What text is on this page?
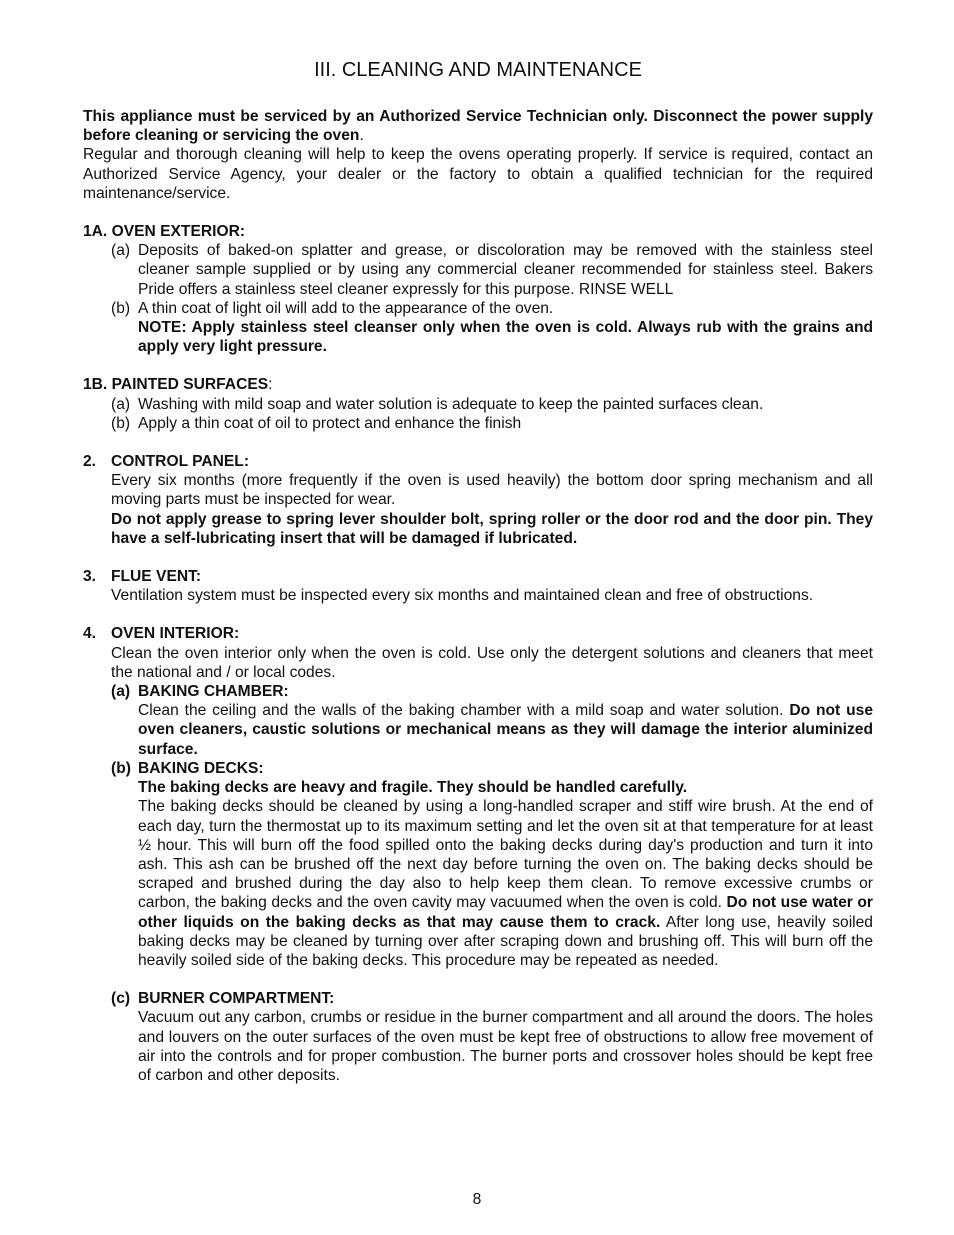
III. CLEANING AND MAINTENANCE

This appliance must be serviced by an Authorized Service Technician only. Disconnect the power supply before cleaning or servicing the oven.

Regular and thorough cleaning will help to keep the ovens operating properly. If service is required, contact an Authorized Service Agency, your dealer or the factory to obtain a qualified technician for the required maintenance/service.

1A. OVEN EXTERIOR:
(a) Deposits of baked-on splatter and grease, or discoloration may be removed with the stainless steel cleaner sample supplied or by using any commercial cleaner recommended for stainless steel. Bakers Pride offers a stainless steel cleaner expressly for this purpose. RINSE WELL
(b) A thin coat of light oil will add to the appearance of the oven.
NOTE: Apply stainless steel cleanser only when the oven is cold. Always rub with the grains and apply very light pressure.
1B. PAINTED SURFACES :
(a) Washing with mild soap and water solution is adequate to keep the painted surfaces clean.
(b) Apply a thin coat of oil to protect and enhance the finish
2. CONTROL PANEL:

Every six months (more frequently if the oven is used heavily) the bottom door spring mechanism and all moving parts must be inspected for wear.

Do not apply grease to spring lever shoulder bolt, spring roller or the door rod and the door pin. They have a self-lubricating insert that will be damaged if lubricated.

3. FLUE VENT:

Ventilation system must be inspected every six months and maintained clean and free of obstructions.

4. OVEN INTERIOR:

Clean the oven interior only when the oven is cold. Use only the detergent solutions and cleaners that meet the national and / or local codes.

(a) BAKING CHAMBER:

Clean the ceiling and the walls of the baking chamber with a mild soap and water solution. Do not use oven cleaners, caustic solutions or mechanical means as they will damage the interior aluminized surface.

(b) BAKING DECKS:

The baking decks are heavy and fragile. They should be handled carefully.

The baking decks should be cleaned by using a long-handled scraper and stiff wire brush. At the end of each day, turn the thermostat up to its maximum setting and let the oven sit at that temperature for at least ½ hour. This will burn off the food spilled onto the baking decks during day's production and turn it into ash. This ash can be brushed off the next day before turning the oven on. The baking decks should be scraped and brushed during the day also to help keep them clean. To remove excessive crumbs or carbon, the baking decks and the oven cavity may vacuumed when the oven is cold. Do not use water or other liquids on the baking decks as that may cause them to crack. After long use, heavily soiled baking decks may be cleaned by turning over after scraping down and brushing off. This will burn off the heavily soiled side of the baking decks. This procedure may be repeated as needed.

(c) BURNER COMPARTMENT:

Vacuum out any carbon, crumbs or residue in the burner compartment and all around the doors. The holes and louvers on the outer surfaces of the oven must be kept free of obstructions to allow free movement of air into the controls and for proper combustion. The burner ports and crossover holes should be kept free of carbon and other deposits.

8
